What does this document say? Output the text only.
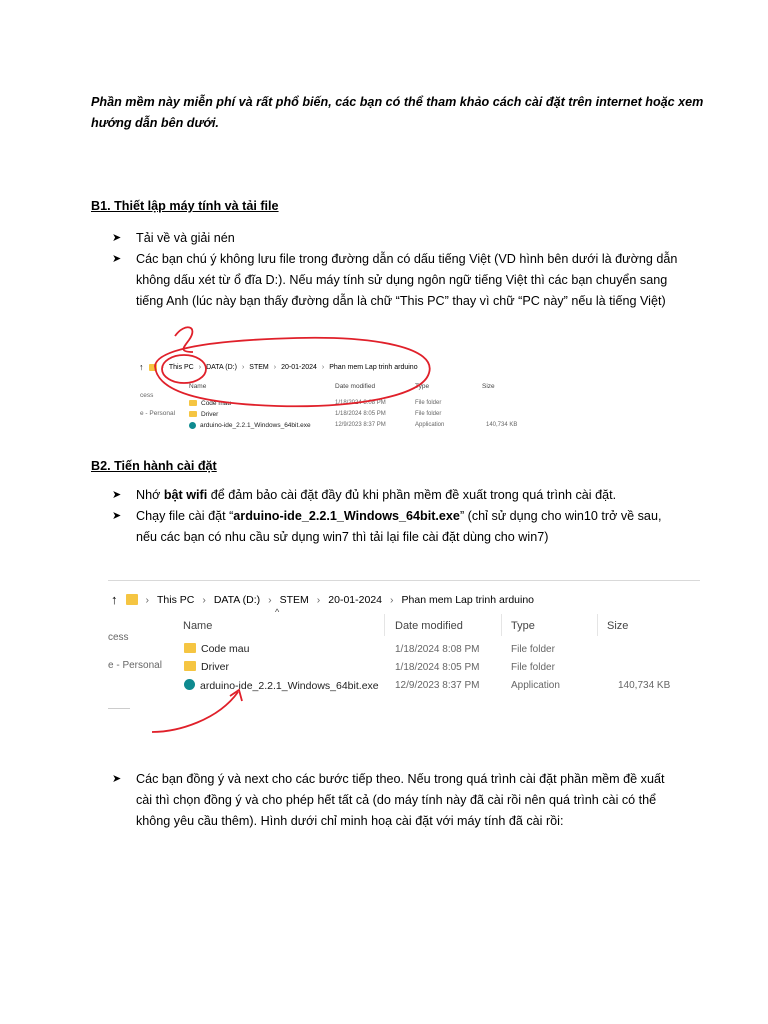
Phần mềm này miễn phí và rất phổ biến, các bạn có thể tham khảo cách cài đặt trên internet hoặc xem hướng dẫn bên dưới.
B1. Thiết lập máy tính và tải file
➤	Tải về và giải nén
➤	Các bạn chú ý không lưu file trong đường dẫn có dấu tiếng Việt (VD hình bên dưới là đường dẫn không dấu xét từ ổ đĩa D:). Nếu máy tính sử dụng ngôn ngữ tiếng Việt thì các bạn chuyển sang tiếng Anh (lúc này bạn thấy đường dẫn là chữ “This PC” thay vì chữ “PC này” nếu là tiếng Việt)
↑	› This PC › DATA (D:) › STEM › 20-01-2024 › Phan mem Lap trinh arduino
Name	Date modified	Type	Size
cess
e - Personal
Code mau	1/18/2024 8:08 PM	File folder
Driver	1/18/2024 8:05 PM	File folder
arduino-ide_2.2.1_Windows_64bit.exe	12/9/2023 8:37 PM	Application	140,734 KB
B2. Tiến hành cài đặt
➤	Nhớ bật wifi để đảm bảo cài đặt đầy đủ khi phần mềm đề xuất trong quá trình cài đặt.
➤	Chạy file cài đặt “arduino-ide_2.2.1_Windows_64bit.exe” (chỉ sử dụng cho win10 trở về sau, nếu các bạn có nhu cầu sử dụng win7 thì tải lại file cài đặt dùng cho win7)
↑	› This PC › DATA (D:) › STEM › 20-01-2024 › Phan mem Lap trinh arduino
^
Name	Date modified	Type	Size
cess
e - Personal
Code mau	1/18/2024 8:08 PM	File folder
Driver	1/18/2024 8:05 PM	File folder
arduino-ide_2.2.1_Windows_64bit.exe 12/9/2023 8:37 PM	Application	140,734 KB
➤	Các bạn đồng ý và next cho các bước tiếp theo. Nếu trong quá trình cài đặt phần mềm đề xuất cài thì chọn đồng ý và cho phép hết tất cả (do máy tính này đã cài rồi nên quá trình cài có thể không yêu cầu thêm). Hình dưới chỉ minh hoạ cài đặt với máy tính đã cài rồi:
